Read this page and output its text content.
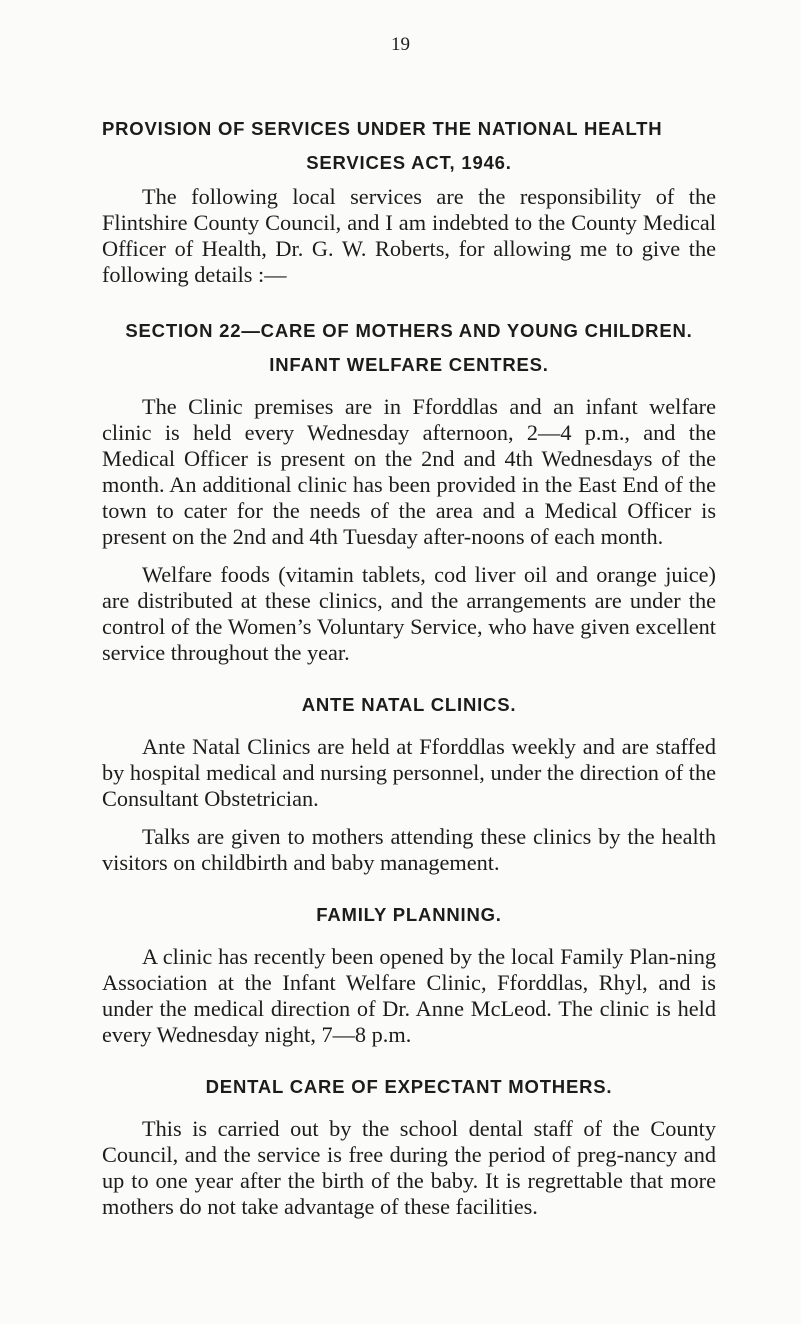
19

PROVISION OF SERVICES UNDER THE NATIONAL HEALTH

SERVICES ACT, 1946.

The following local services are the responsibility of the Flintshire County Council, and I am indebted to the County Medical Officer of Health, Dr. G. W. Roberts, for allowing me to give the following details :—

SECTION 22—CARE OF MOTHERS AND YOUNG CHILDREN.

INFANT WELFARE CENTRES.

The Clinic premises are in Fforddlas and an infant welfare clinic is held every Wednesday afternoon, 2—4 p.m., and the Medical Officer is present on the 2nd and 4th Wednesdays of the month. An additional clinic has been provided in the East End of the town to cater for the needs of the area and a Medical Officer is present on the 2nd and 4th Tuesday after-noons of each month.

Welfare foods (vitamin tablets, cod liver oil and orange juice) are distributed at these clinics, and the arrangements are under the control of the Women’s Voluntary Service, who have given excellent service throughout the year.

ANTE NATAL CLINICS.

Ante Natal Clinics are held at Fforddlas weekly and are staffed by hospital medical and nursing personnel, under the direction of the Consultant Obstetrician.

Talks are given to mothers attending these clinics by the health visitors on childbirth and baby management.

FAMILY PLANNING.

A clinic has recently been opened by the local Family Plan-ning Association at the Infant Welfare Clinic, Fforddlas, Rhyl, and is under the medical direction of Dr. Anne McLeod. The clinic is held every Wednesday night, 7—8 p.m.

DENTAL CARE OF EXPECTANT MOTHERS.

This is carried out by the school dental staff of the County Council, and the service is free during the period of preg-nancy and up to one year after the birth of the baby. It is regrettable that more mothers do not take advantage of these facilities.
